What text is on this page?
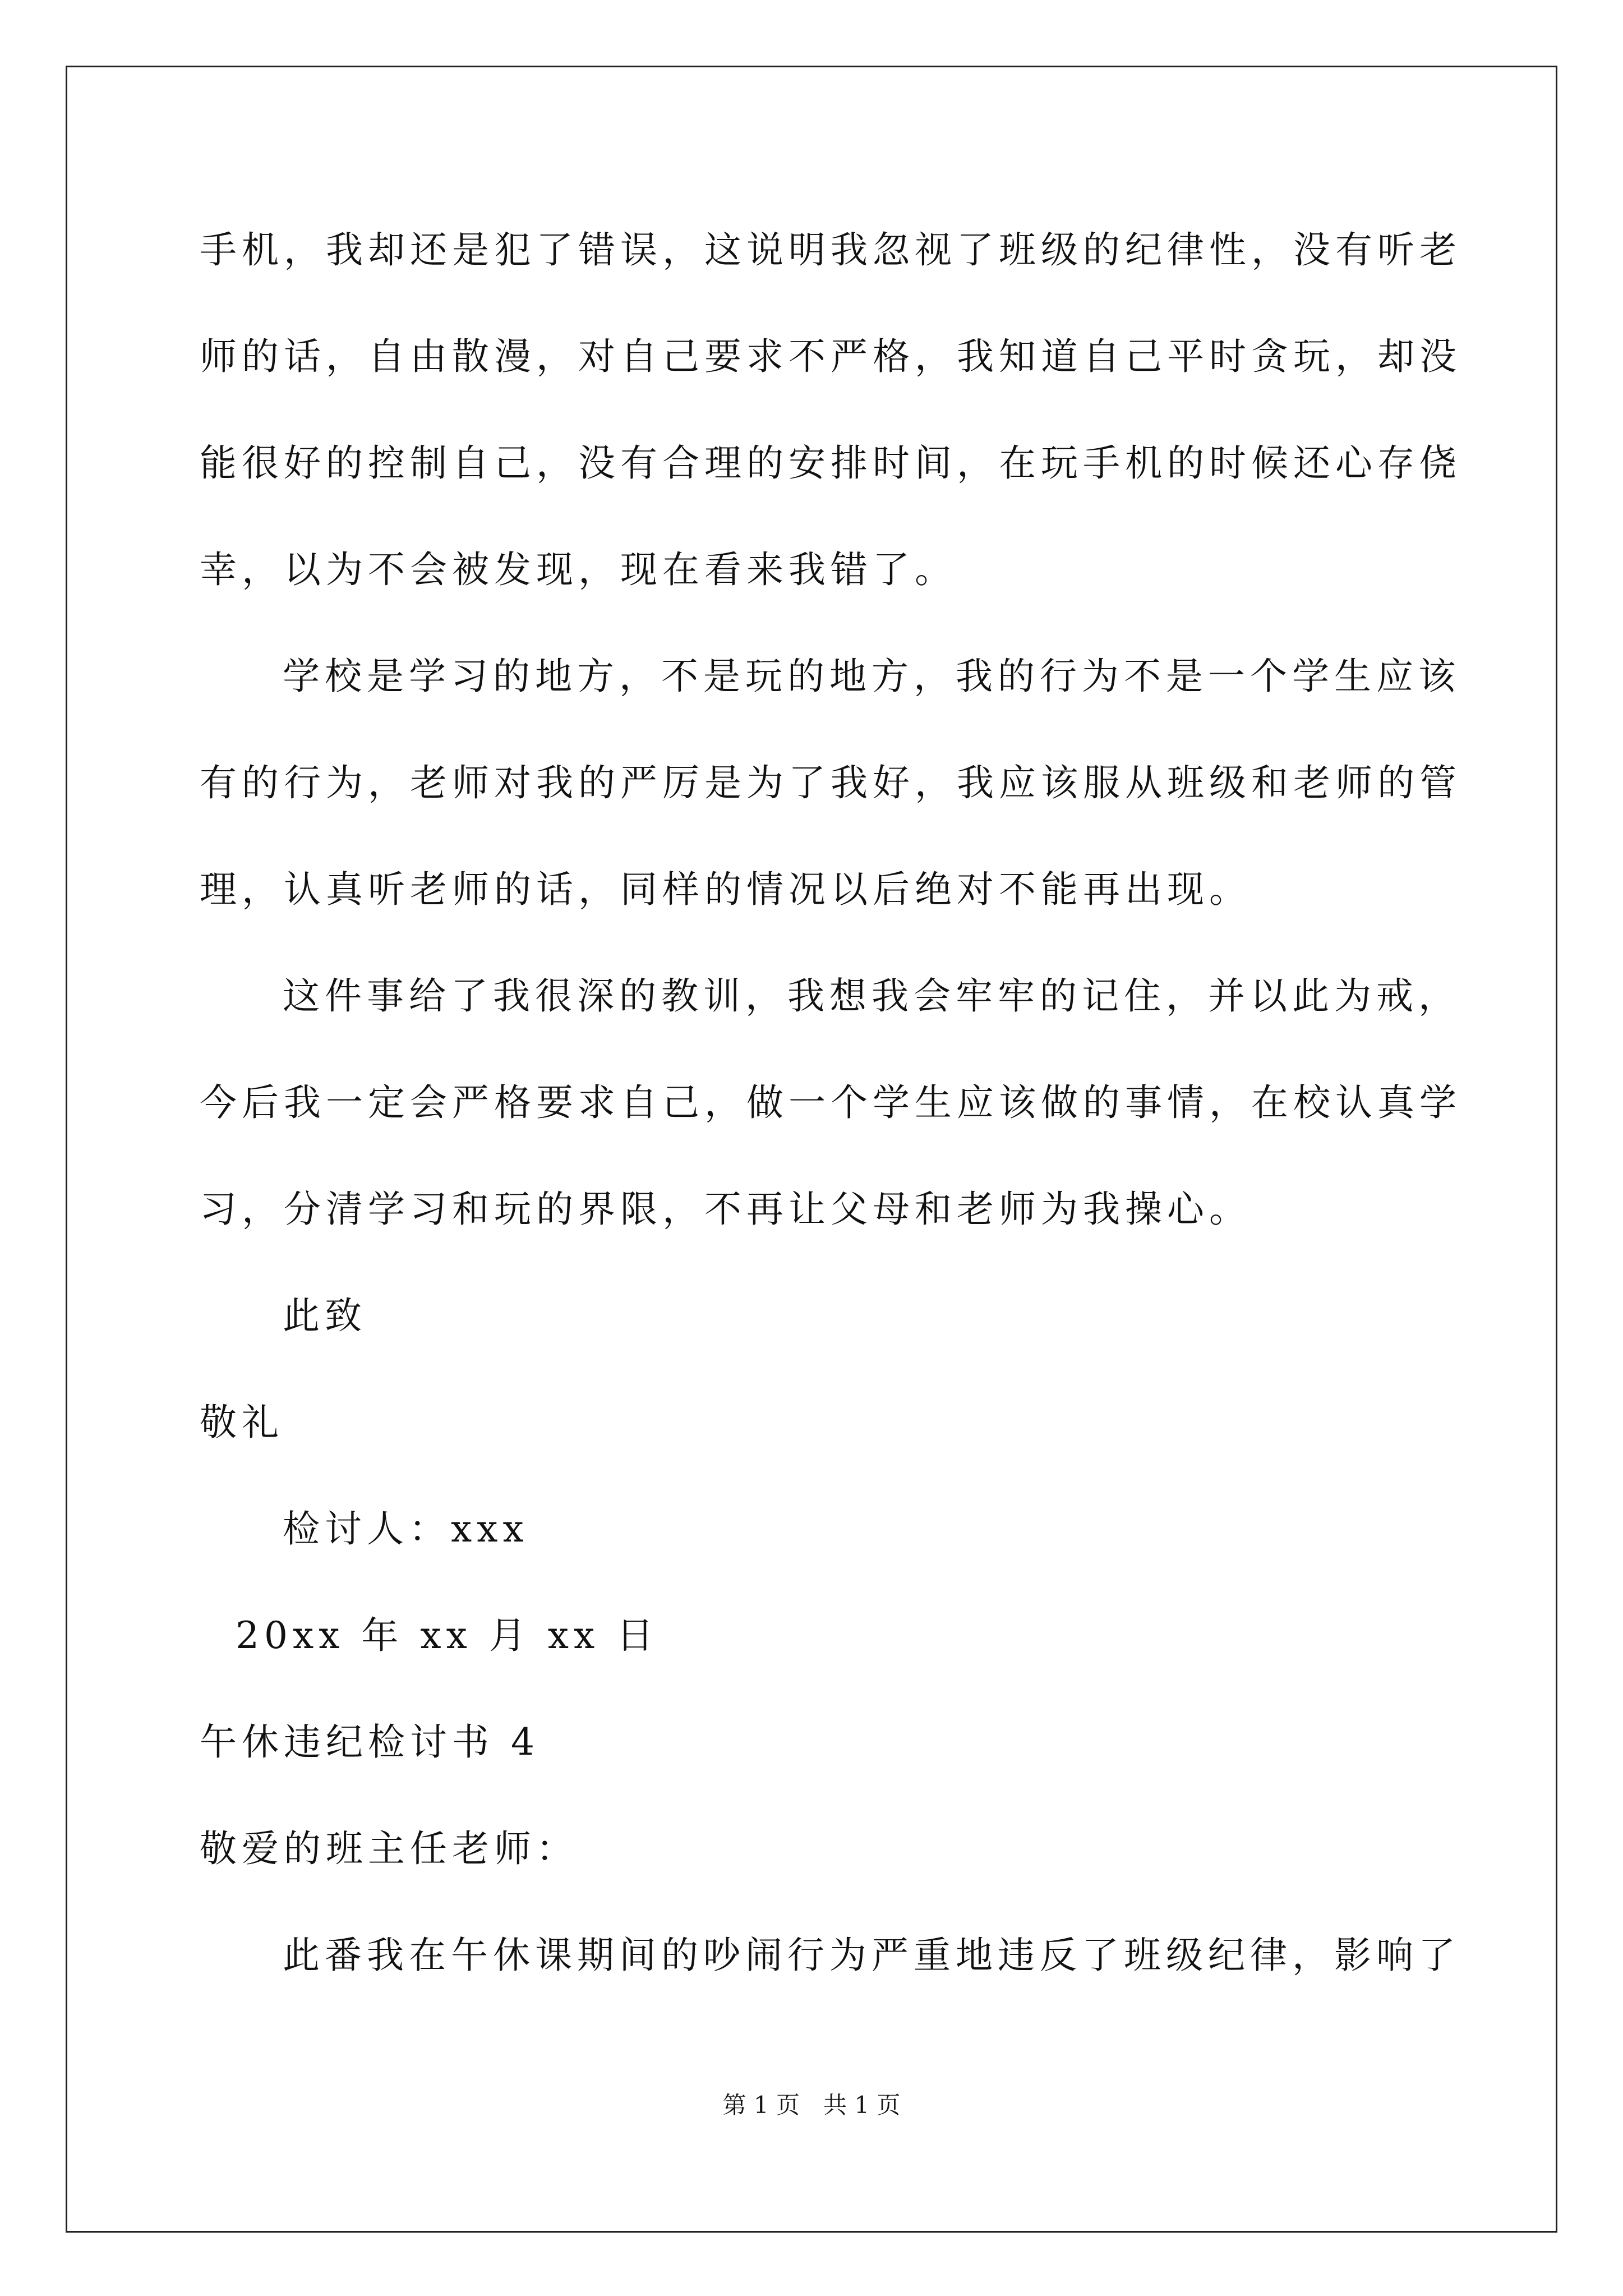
手机，我却还是犯了错误，这说明我忽视了班级的纪律性，没有听老
师的话，自由散漫，对自己要求不严格，我知道自己平时贪玩，却没
能很好的控制自己，没有合理的安排时间，在玩手机的时候还心存侥
幸，以为不会被发现，现在看来我错了。
学校是学习的地方，不是玩的地方，我的行为不是一个学生应该
有的行为，老师对我的严厉是为了我好，我应该服从班级和老师的管
理，认真听老师的话，同样的情况以后绝对不能再出现。
这件事给了我很深的教训，我想我会牢牢的记住，并以此为戒，
今后我一定会严格要求自己，做一个学生应该做的事情，在校认真学
习，分清学习和玩的界限，不再让父母和老师为我操心。
此致
敬礼
检讨人：xxx
20xx 年 xx 月 xx 日
午休违纪检讨书 4
敬爱的班主任老师：
此番我在午休课期间的吵闹行为严重地违反了班级纪律，影响了
第 1 页　共 1 页
